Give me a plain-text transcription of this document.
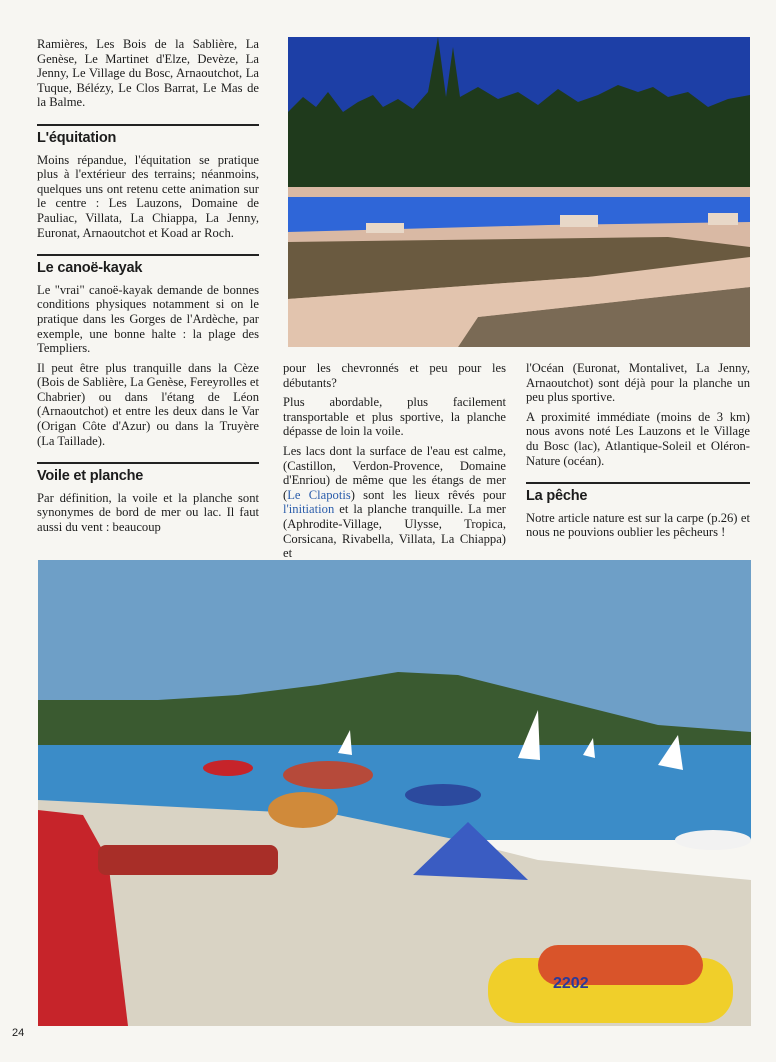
Ramières, Les Bois de la Sablière, La Genèse, Le Martinet d'Elze, Devèze, La Jenny, Le Village du Bosc, Arnaoutchot, La Tuque, Bélézy, Le Clos Barrat, Le Mas de la Balme.

L'équitation

Moins répandue, l'équitation se pratique plus à l'extérieur des terrains; néanmoins, quelques uns ont retenu cette animation sur le centre : Les Lauzons, Domaine de Pauliac, Villata, La Chiappa, La Jenny, Euronat, Arnaoutchot et Koad ar Roch.

Le canoë-kayak

Le "vrai" canoë-kayak demande de bonnes conditions physiques notamment si on le pratique dans les Gorges de l'Ardèche, par exemple, une bonne halte : la plage des Templiers.

Il peut être plus tranquille dans la Cèze (Bois de Sablière, La Genèse, Fereyrolles et Chabrier) ou dans l'étang de Léon (Arnaoutchot) et entre les deux dans le Var (Origan Côte d'Azur) ou dans la Truyère (La Taillade).

Voile et planche

Par définition, la voile et la planche sont synonymes de bord de mer ou lac. Il faut aussi du vent : beaucoup

pour les chevronnés et peu pour les débutants?

Plus abordable, plus facilement transportable et plus sportive, la planche dépasse de loin la voile.

Les lacs dont la surface de l'eau est calme, (Castillon, Verdon-Provence, Domaine d'Enriou) de même que les étangs de mer (Le Clapotis) sont les lieux rêvés pour l'initiation et la planche tranquille. La mer (Aphrodite-Village, Ulysse, Tropica, Corsicana, Rivabella, Villata, La Chiappa) et

l'Océan (Euronat, Montalivet, La Jenny, Arnaoutchot) sont déjà pour la planche un peu plus sportive.

A proximité immédiate (moins de 3 km) nous avons noté Les Lauzons et le Village du Bosc (lac), Atlantique-Soleil et Oléron-Nature (océan).

La pêche

Notre article nature est sur la carpe (p.26) et nous ne pouvions oublier les pêcheurs !

2202
24
